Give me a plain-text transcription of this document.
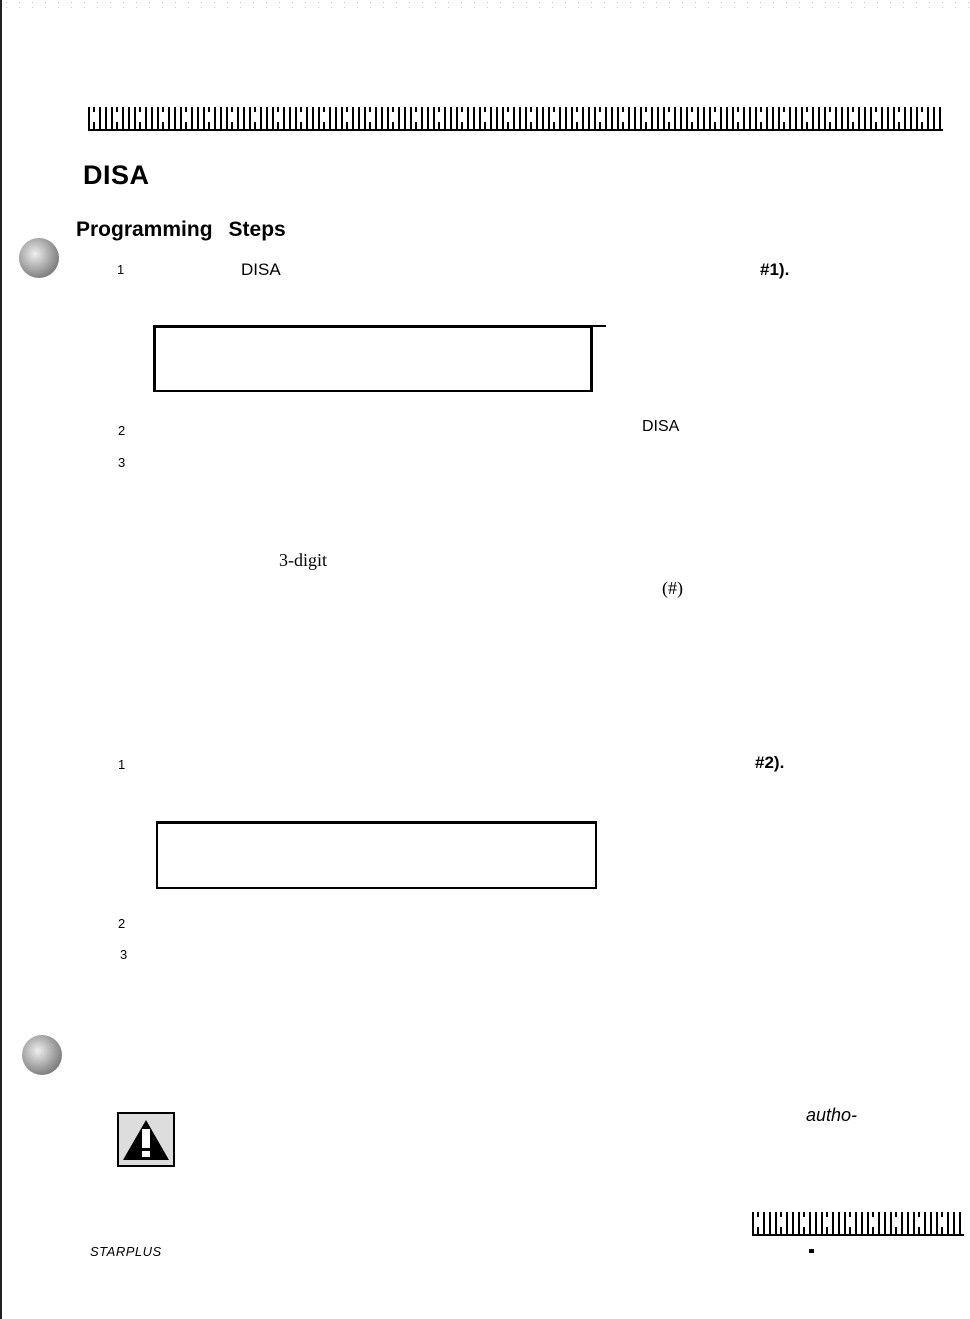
DISA
Programming Steps
1	DISA	#1).
2	DISA
3
3-digit
(#)
1	#2).
2
3
autho-
STARPLUS
